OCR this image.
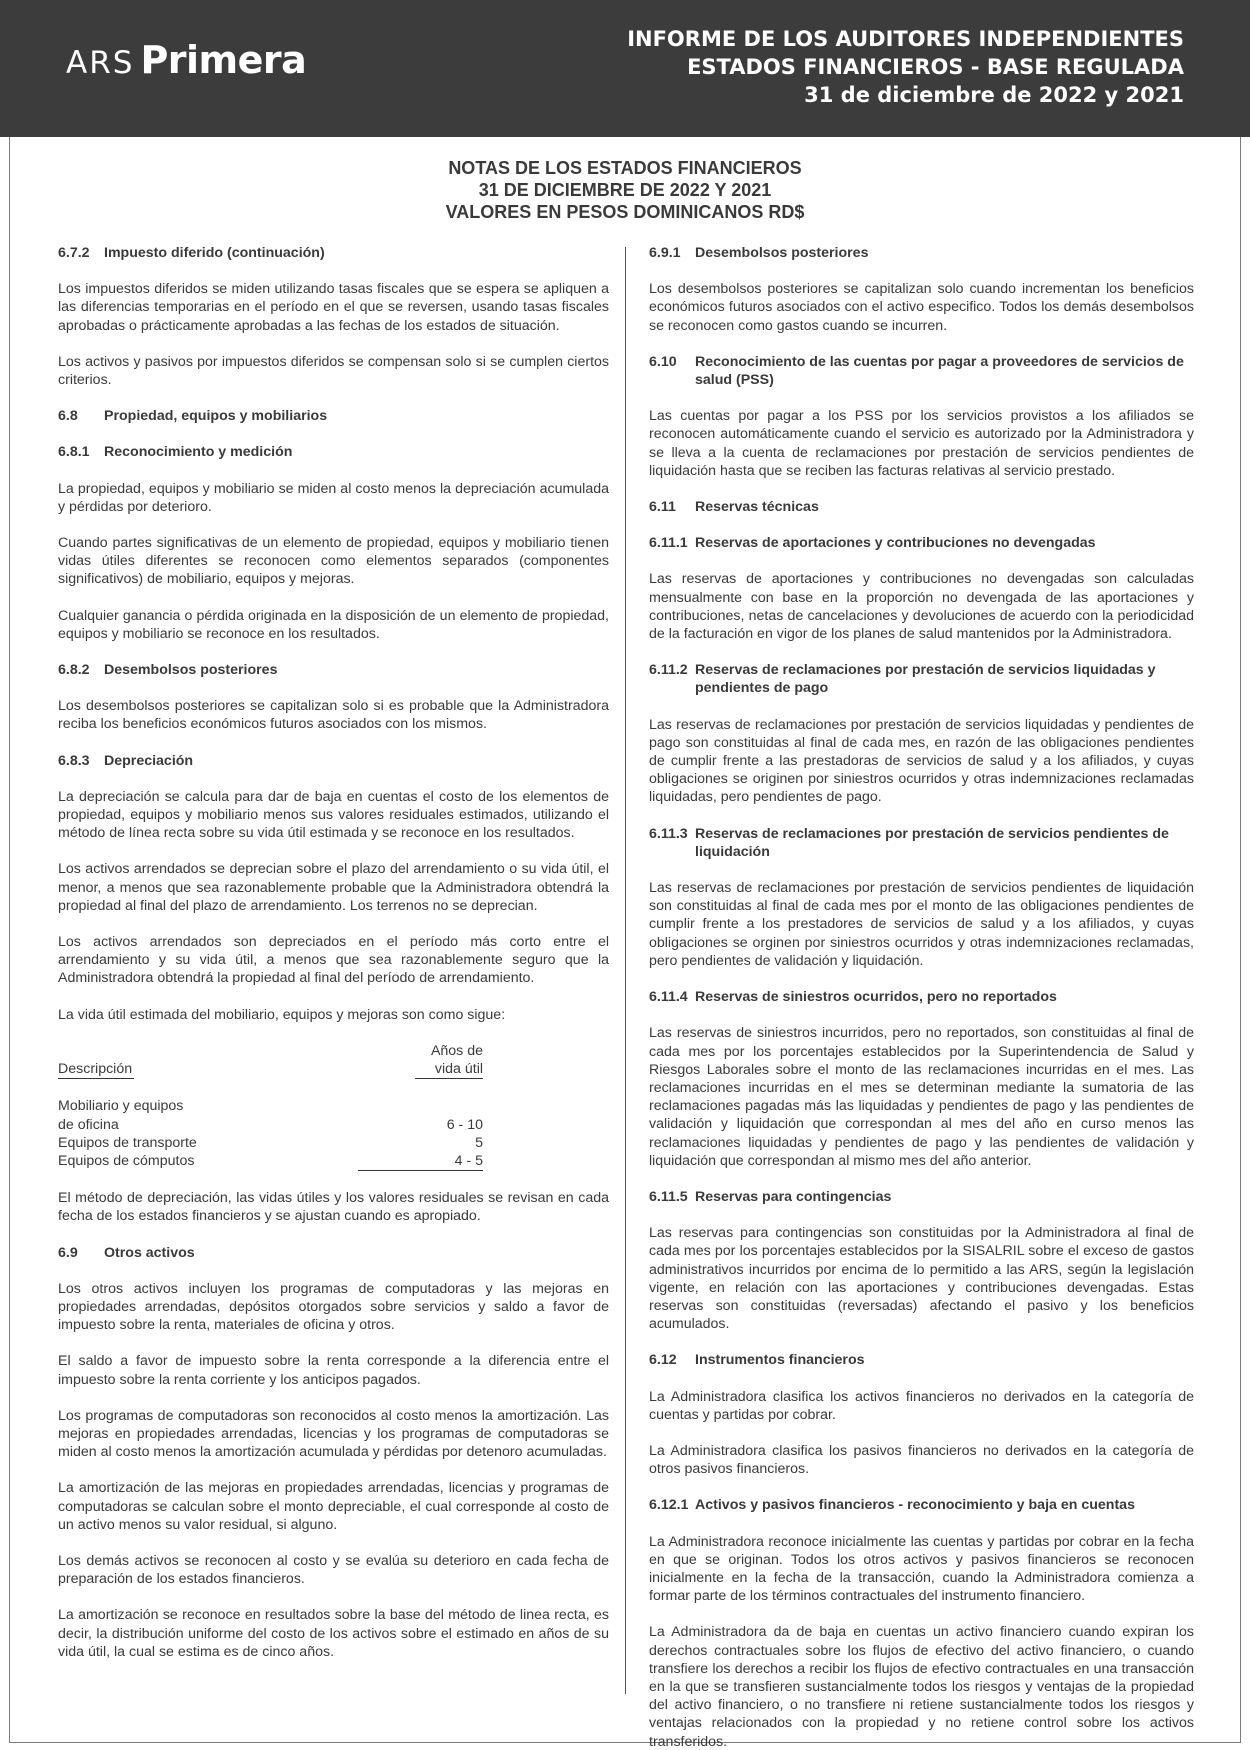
ARS Primera	INFORME DE LOS AUDITORES INDEPENDIENTES
ESTADOS FINANCIEROS - BASE REGULADA
31 de diciembre de 2022 y 2021
NOTAS DE LOS ESTADOS FINANCIEROS
31 DE DICIEMBRE DE 2022 Y 2021
VALORES EN PESOS DOMINICANOS RD$
6.7.2	Impuesto diferido (continuación)
Los impuestos diferidos se miden utilizando tasas fiscales que se espera se apliquen a las diferencias temporarias en el período en el que se reversen, usando tasas fiscales aprobadas o prácticamente aprobadas a las fechas de los estados de situación.
Los activos y pasivos por impuestos diferidos se compensan solo si se cumplen ciertos criterios.
6.8	Propiedad, equipos y mobiliarios
6.8.1	Reconocimiento y medición
La propiedad, equipos y mobiliario se miden al costo menos la depreciación acumulada y pérdidas por deterioro.
Cuando partes significativas de un elemento de propiedad, equipos y mobiliario tienen vidas útiles diferentes se reconocen como elementos separados (componentes significativos) de mobiliario, equipos y mejoras.
Cualquier ganancia o pérdida originada en la disposición de un elemento de propiedad, equipos y mobiliario se reconoce en los resultados.
6.8.2	Desembolsos posteriores
Los desembolsos posteriores se capitalizan solo si es probable que la Administradora reciba los beneficios económicos futuros asociados con los mismos.
6.8.3	Depreciación
La depreciación se calcula para dar de baja en cuentas el costo de los elementos de propiedad, equipos y mobiliario menos sus valores residuales estimados, utilizando el método de línea recta sobre su vida útil estimada y se reconoce en los resultados.
Los activos arrendados se deprecian sobre el plazo del arrendamiento o su vida útil, el menor, a menos que sea razonablemente probable que la Administradora obtendrá la propiedad al final del plazo de arrendamiento. Los terrenos no se deprecian.
Los activos arrendados son depreciados en el período más corto entre el arrendamiento y su vida útil, a menos que sea razonablemente seguro que la Administradora obtendrá la propiedad al final del período de arrendamiento.
La vida útil estimada del mobiliario, equipos y mejoras son como sigue:
	Años de
Descripción	vida útil

Mobiliario y equipos	
de oficina	6 - 10
Equipos de transporte	5
Equipos de cómputos	4 - 5
El método de depreciación, las vidas útiles y los valores residuales se revisan en cada fecha de los estados financieros y se ajustan cuando es apropiado.
6.9	Otros activos
Los otros activos incluyen los programas de computadoras y las mejoras en propiedades arrendadas, depósitos otorgados sobre servicios y saldo a favor de impuesto sobre la renta, materiales de oficina y otros.
El saldo a favor de impuesto sobre la renta corresponde a la diferencia entre el impuesto sobre la renta corriente y los anticipos pagados.
Los programas de computadoras son reconocidos al costo menos la amortización. Las mejoras en propiedades arrendadas, licencias y los programas de computadoras se miden al costo menos la amortización acumulada y pérdidas por detenoro acumuladas.
La amortización de las mejoras en propiedades arrendadas, licencias y programas de computadoras se calculan sobre el monto depreciable, el cual corresponde al costo de un activo menos su valor residual, si alguno.
Los demás activos se reconocen al costo y se evalúa su deterioro en cada fecha de preparación de los estados financieros.
La amortización se reconoce en resultados sobre la base del método de linea recta, es decir, la distribución uniforme del costo de los activos sobre el estimado en años de su vida útil, la cual se estima es de cinco años.
6.9.1	Desembolsos posteriores
Los desembolsos posteriores se capitalizan solo cuando incrementan los beneficios económicos futuros asociados con el activo especifico. Todos los demás desembolsos se reconocen como gastos cuando se incurren.
6.10	Reconocimiento de las cuentas por pagar a proveedores de servicios de salud (PSS)
Las cuentas por pagar a los PSS por los servicios provistos a los afiliados se reconocen automáticamente cuando el servicio es autorizado por la Administradora y se lleva a la cuenta de reclamaciones por prestación de servicios pendientes de liquidación hasta que se reciben las facturas relativas al servicio prestado.
6.11	Reservas técnicas
6.11.1 Reservas de aportaciones y contribuciones no devengadas
Las reservas de aportaciones y contribuciones no devengadas son calculadas mensualmente con base en la proporción no devengada de las aportaciones y contribuciones, netas de cancelaciones y devoluciones de acuerdo con la periodicidad de la facturación en vigor de los planes de salud mantenidos por la Administradora.
6.11.2 Reservas de reclamaciones por prestación de servicios liquidadas y pendientes de pago
Las reservas de reclamaciones por prestación de servicios liquidadas y pendientes de pago son constituidas al final de cada mes, en razón de las obligaciones pendientes de cumplir frente a las prestadoras de servicios de salud y a los afiliados, y cuyas obligaciones se originen por siniestros ocurridos y otras indemnizaciones reclamadas liquidadas, pero pendientes de pago.
6.11.3 Reservas de reclamaciones por prestación de servicios pendientes de liquidación
Las reservas de reclamaciones por prestación de servicios pendientes de liquidación son constituidas al final de cada mes por el monto de las obligaciones pendientes de cumplir frente a los prestadores de servicios de salud y a los afiliados, y cuyas obligaciones se orginen por siniestros ocurridos y otras indemnizaciones reclamadas, pero pendientes de validación y liquidación.
6.11.4 Reservas de siniestros ocurridos, pero no reportados
Las reservas de siniestros incurridos, pero no reportados, son constituidas al final de cada mes por los porcentajes establecidos por la Superintendencia de Salud y Riesgos Laborales sobre el monto de las reclamaciones incurridas en el mes. Las reclamaciones incurridas en el mes se determinan mediante la sumatoria de las reclamaciones pagadas más las liquidadas y pendientes de pago y las pendientes de validación y liquidación que correspondan al mes del año en curso menos las reclamaciones liquidadas y pendientes de pago y las pendientes de validación y liquidación que correspondan al mismo mes del año anterior.
6.11.5 Reservas para contingencias
Las reservas para contingencias son constituidas por la Administradora al final de cada mes por los porcentajes establecidos por la SISALRIL sobre el exceso de gastos administrativos incurridos por encima de lo permitido a las ARS, según la legislación vigente, en relación con las aportaciones y contribuciones devengadas. Estas reservas son constituidas (reversadas) afectando el pasivo y los beneficios acumulados.
6.12	Instrumentos financieros
La Administradora clasifica los activos financieros no derivados en la categoría de cuentas y partidas por cobrar.
La Administradora clasifica los pasivos financieros no derivados en la categoría de otros pasivos financieros.
6.12.1 Activos y pasivos financieros - reconocimiento y baja en cuentas
La Administradora reconoce inicialmente las cuentas y partidas por cobrar en la fecha en que se originan. Todos los otros activos y pasivos financieros se reconocen inicialmente en la fecha de la transacción, cuando la Administradora comienza a formar parte de los términos contractuales del instrumento financiero.
La Administradora da de baja en cuentas un activo financiero cuando expiran los derechos contractuales sobre los flujos de efectivo del activo financiero, o cuando transfiere los derechos a recibir los flujos de efectivo contractuales en una transacción en la que se transfieren sustancialmente todos los riesgos y ventajas de la propiedad del activo financiero, o no transfiere ni retiene sustancialmente todos los riesgos y ventajas relacionados con la propiedad y no retiene control sobre los activos transferidos.
